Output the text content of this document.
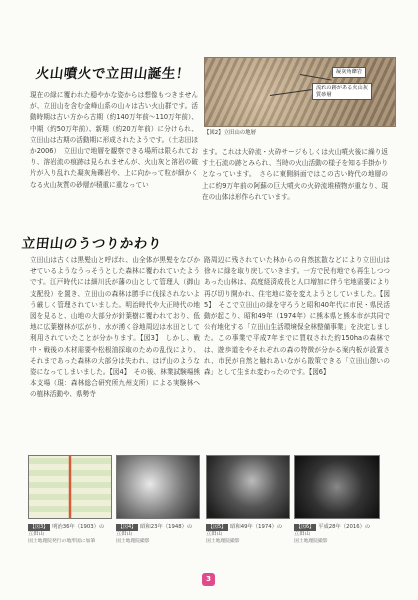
火山噴火で立田山誕生！
現在の緑に覆われた穏やかな姿からは想像もつきませんが、立田山を含む金峰山系の山々は古い火山群です。活動時期は古い方から古期（約140万年前〜110万年前）、中期（約50万年前）、新期（約20万年前）に分けられ、立田山は古期の活動期に形成されたようです。（土志田ほか2006）　立田山で地層を観察できる場所は限られており、溶岩流の痕跡は見られませんが、火山灰と溶岩の破片が入り乱れた凝灰角礫岩や、上に向かって粒が細かくなる火山灰質の砂層が積重に重なってい
凝灰角礫岩
流れの跡がある火山灰質砂層
【図2】立田山の地層
ます。これは大砕流・火砕サージもしくは火山噴火後に繰り返す土石流の跡とみられ、当時の火山活動の様子を知る手掛かりとなっています。　さらに東側斜面ではこの古い時代の地層の上に約9万年前の阿蘇の巨大噴火の火砕流堆積物が重なり、現在の山体は形作られています。
立田山のうつりかわり
立田山は古くは黒髪山と呼ばれ、山全体が黒髪をなびかせているようなうっそうとした森林に覆われていたようです。江戸時代には細川氏が藩の山として管理人（御山支配役）を置き、立田山の森林は勝手に伐採されないよう厳しく管理されていました。明治時代や大正時代の地図を見ると、山地の大部分が針葉樹に覆われており、低地に広葉樹林が広がり、水が湧く谷地周辺は水田として利用されていたことが分かります。【図3】　しかし、戦中・戦後の木材需要や松根油採取のための乱伐により、それまであった森林の大部分は失われ、はげ山のような姿になってしまいました。【図4】　その後、林業試験場熊本支場（現：森林総合研究所九州支所）による実験林への植林活動や、県勢寺
路周辺に残されていた林からの自然拡散などにより立田山は徐々に緑を取り戻していきます。一方で民有地でも再生しつつあった山林は、高度経済成長と人口増加に伴う宅地需要により再び切り開かれ、住宅地に姿を変えようとしていました。【図5】　そこで立田山の緑を守ろうと昭和40年代に市民・県民活動が起こり、昭和49年（1974年）に熊本県と熊本市が共同で公有地化する「立田山生活環境保全林整備事業」を決定しました。この事業で平成7年までに買収された約150haの森林では、遊歩道をやそれぞれの森の特徴が分かる案内板が設置され、市民が自然と触れあいながら散策できる「立田山憩いの森」として生まれ変わったのです。【図6】
【図3】 明治36年（1903）の立田山
国土地理院発行の地形図に加筆
【図4】 昭和23年（1948）の立田山
国土地理院撮影
【図5】 昭和49年（1974）の立田山
国土地理院撮影
【図6】 平成28年（2016）の立田山
国土地理院撮影
3
